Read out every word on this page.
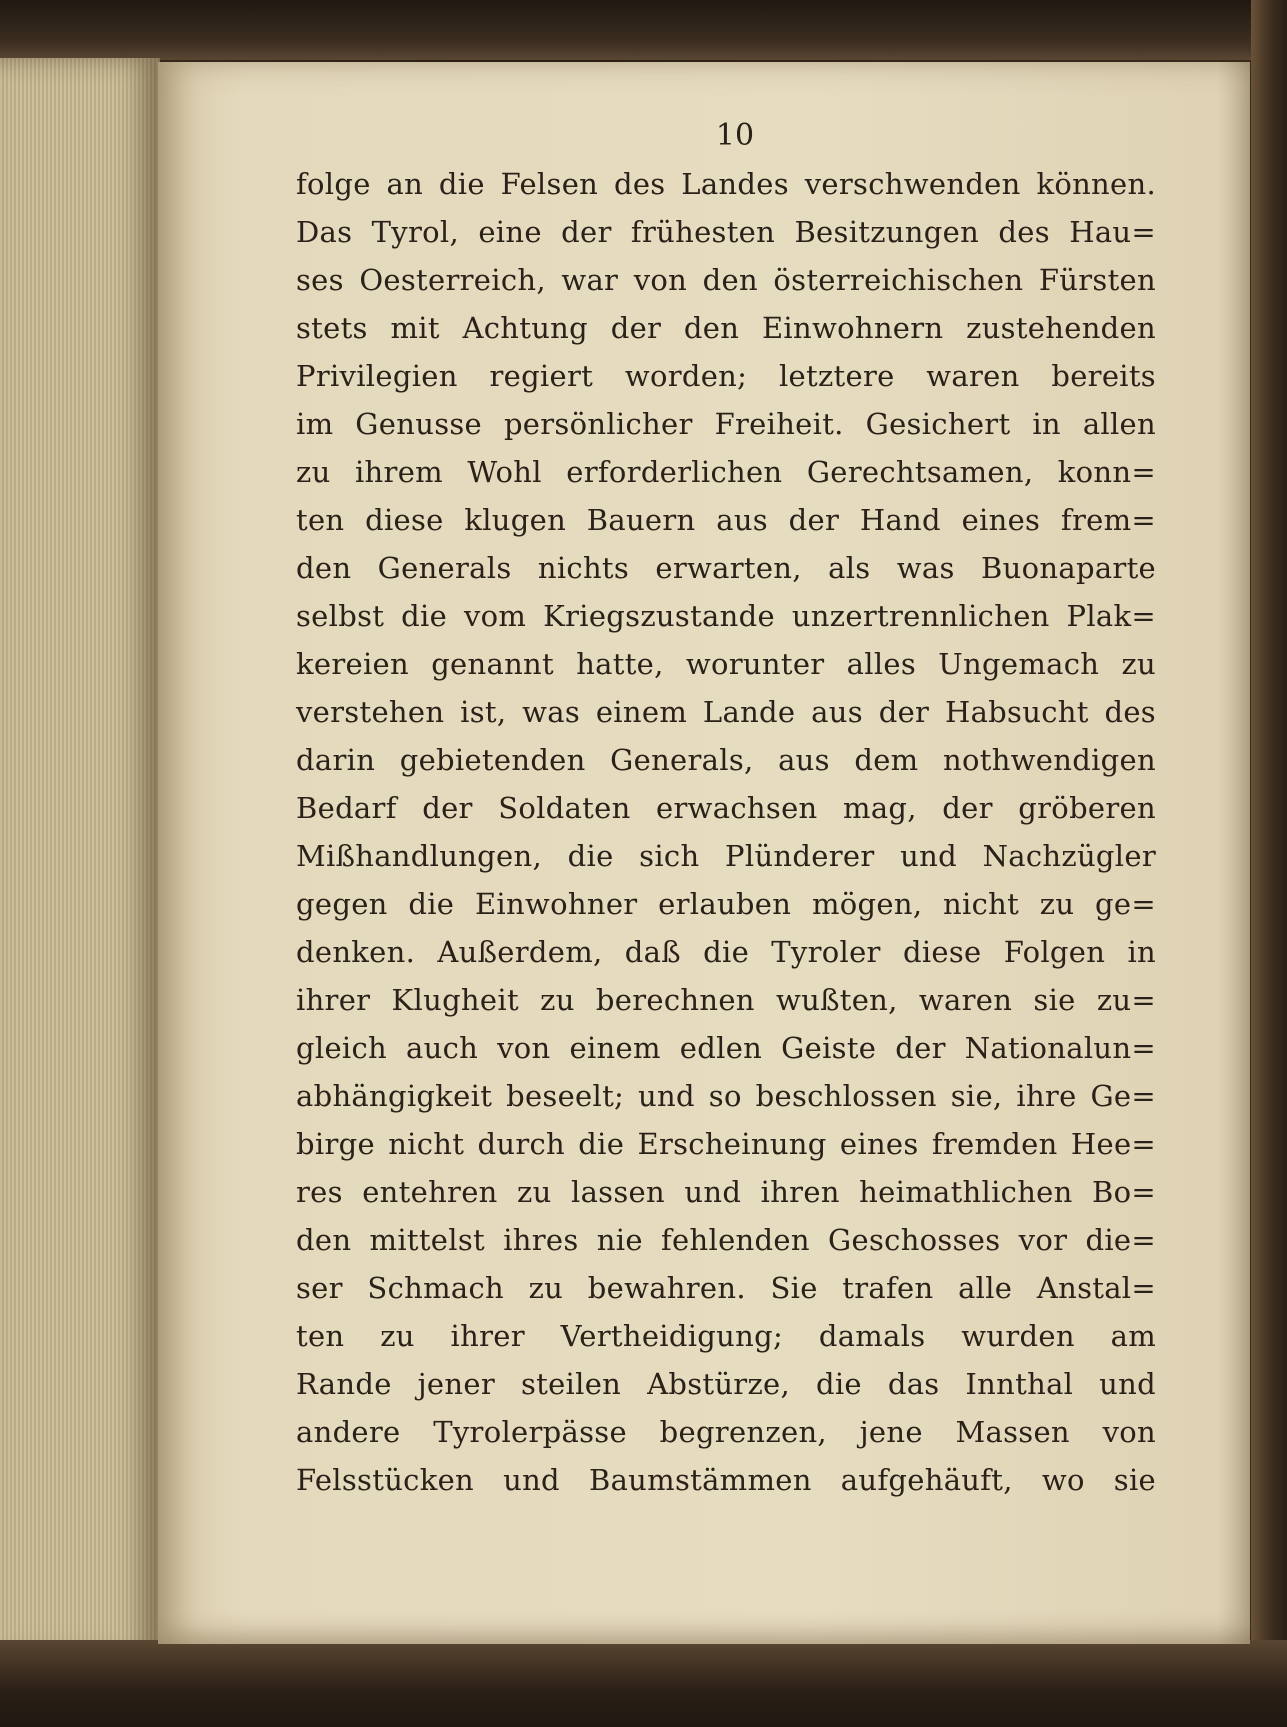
10
folge an die Felsen des Landes verschwenden können.
Das Tyrol, eine der frühesten Besitzungen des Hau=
ses Oesterreich, war von den österreichischen Fürsten
stets mit Achtung der den Einwohnern zustehenden
Privilegien regiert worden; letztere waren bereits
im Genusse persönlicher Freiheit. Gesichert in allen
zu ihrem Wohl erforderlichen Gerechtsamen, konn=
ten diese klugen Bauern aus der Hand eines frem=
den Generals nichts erwarten, als was Buonaparte
selbst die vom Kriegszustande unzertrennlichen Plak=
kereien genannt hatte, worunter alles Ungemach zu
verstehen ist, was einem Lande aus der Habsucht des
darin gebietenden Generals, aus dem nothwendigen
Bedarf der Soldaten erwachsen mag, der gröberen
Mißhandlungen, die sich Plünderer und Nachzügler
gegen die Einwohner erlauben mögen, nicht zu ge=
denken. Außerdem, daß die Tyroler diese Folgen in
ihrer Klugheit zu berechnen wußten, waren sie zu=
gleich auch von einem edlen Geiste der Nationalun=
abhängigkeit beseelt; und so beschlossen sie, ihre Ge=
birge nicht durch die Erscheinung eines fremden Hee=
res entehren zu lassen und ihren heimathlichen Bo=
den mittelst ihres nie fehlenden Geschosses vor die=
ser Schmach zu bewahren. Sie trafen alle Anstal=
ten zu ihrer Vertheidigung; damals wurden am
Rande jener steilen Abstürze, die das Innthal und
andere Tyrolerpässe begrenzen, jene Massen von
Felsstücken und Baumstämmen aufgehäuft, wo sie
